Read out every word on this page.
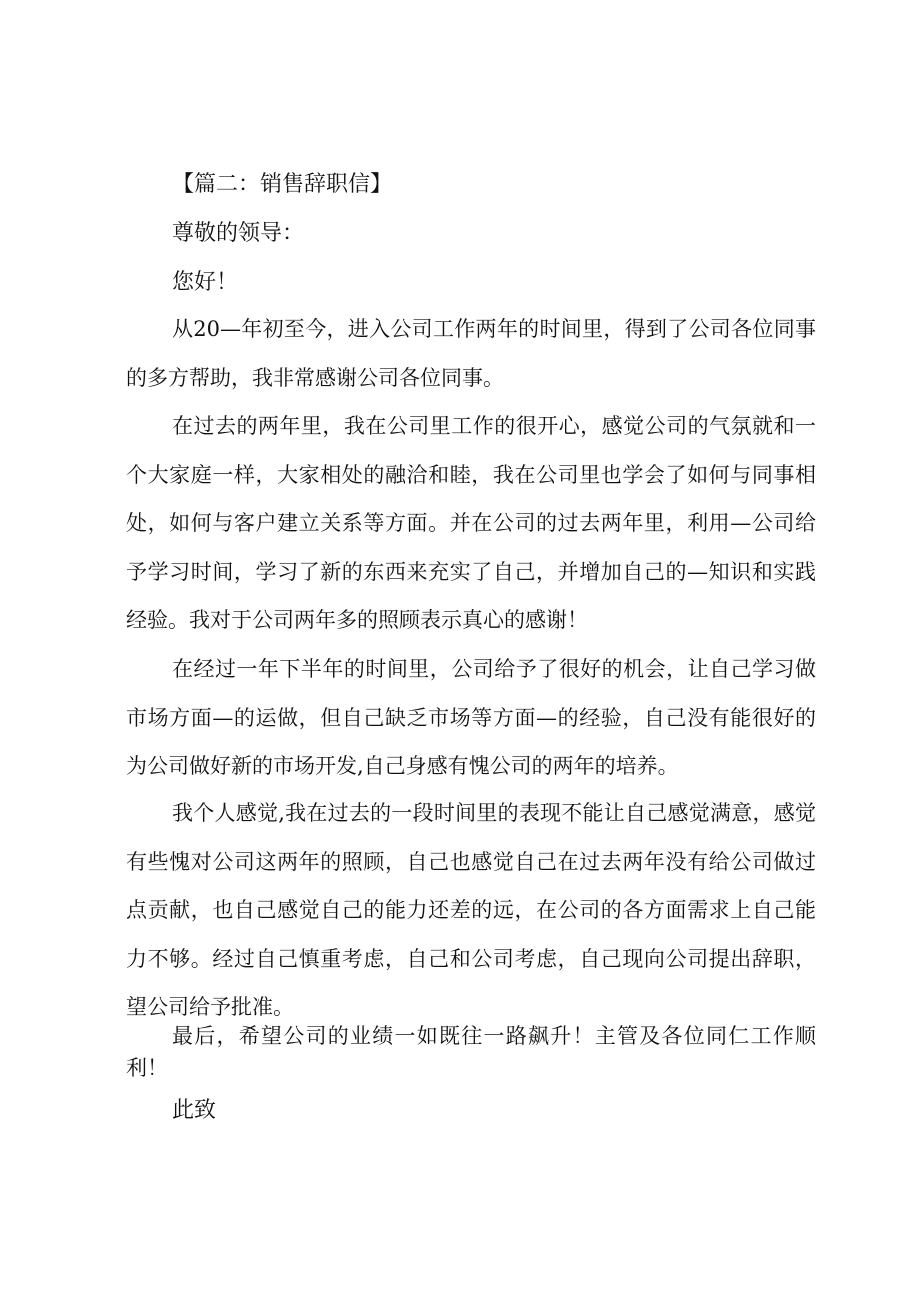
【篇二：销售辞职信】
尊敬的领导：
您好！

从20—年初至今，进入公司工作两年的时间里，得到了公司各位同事的多方帮助，我非常感谢公司各位同事。

在过去的两年里，我在公司里工作的很开心，感觉公司的气氛就和一个大家庭一样，大家相处的融洽和睦，我在公司里也学会了如何与同事相处，如何与客户建立关系等方面。并在公司的过去两年里，利用—公司给予学习时间，学习了新的东西来充实了自己，并增加自己的—知识和实践经验。我对于公司两年多的照顾表示真心的感谢！

在经过一年下半年的时间里，公司给予了很好的机会，让自己学习做市场方面—的运做，但自己缺乏市场等方面—的经验，自己没有能很好的为公司做好新的市场开发,自己身感有愧公司的两年的培养。

我个人感觉,我在过去的一段时间里的表现不能让自己感觉满意，感觉有些愧对公司这两年的照顾，自己也感觉自己在过去两年没有给公司做过点贡献，也自己感觉自己的能力还差的远，在公司的各方面需求上自己能力不够。经过自己慎重考虑，自己和公司考虑，自己现向公司提出辞职，望公司给予批准。

最后，希望公司的业绩一如既往一路飙升！主管及各位同仁工作顺利！

此致
